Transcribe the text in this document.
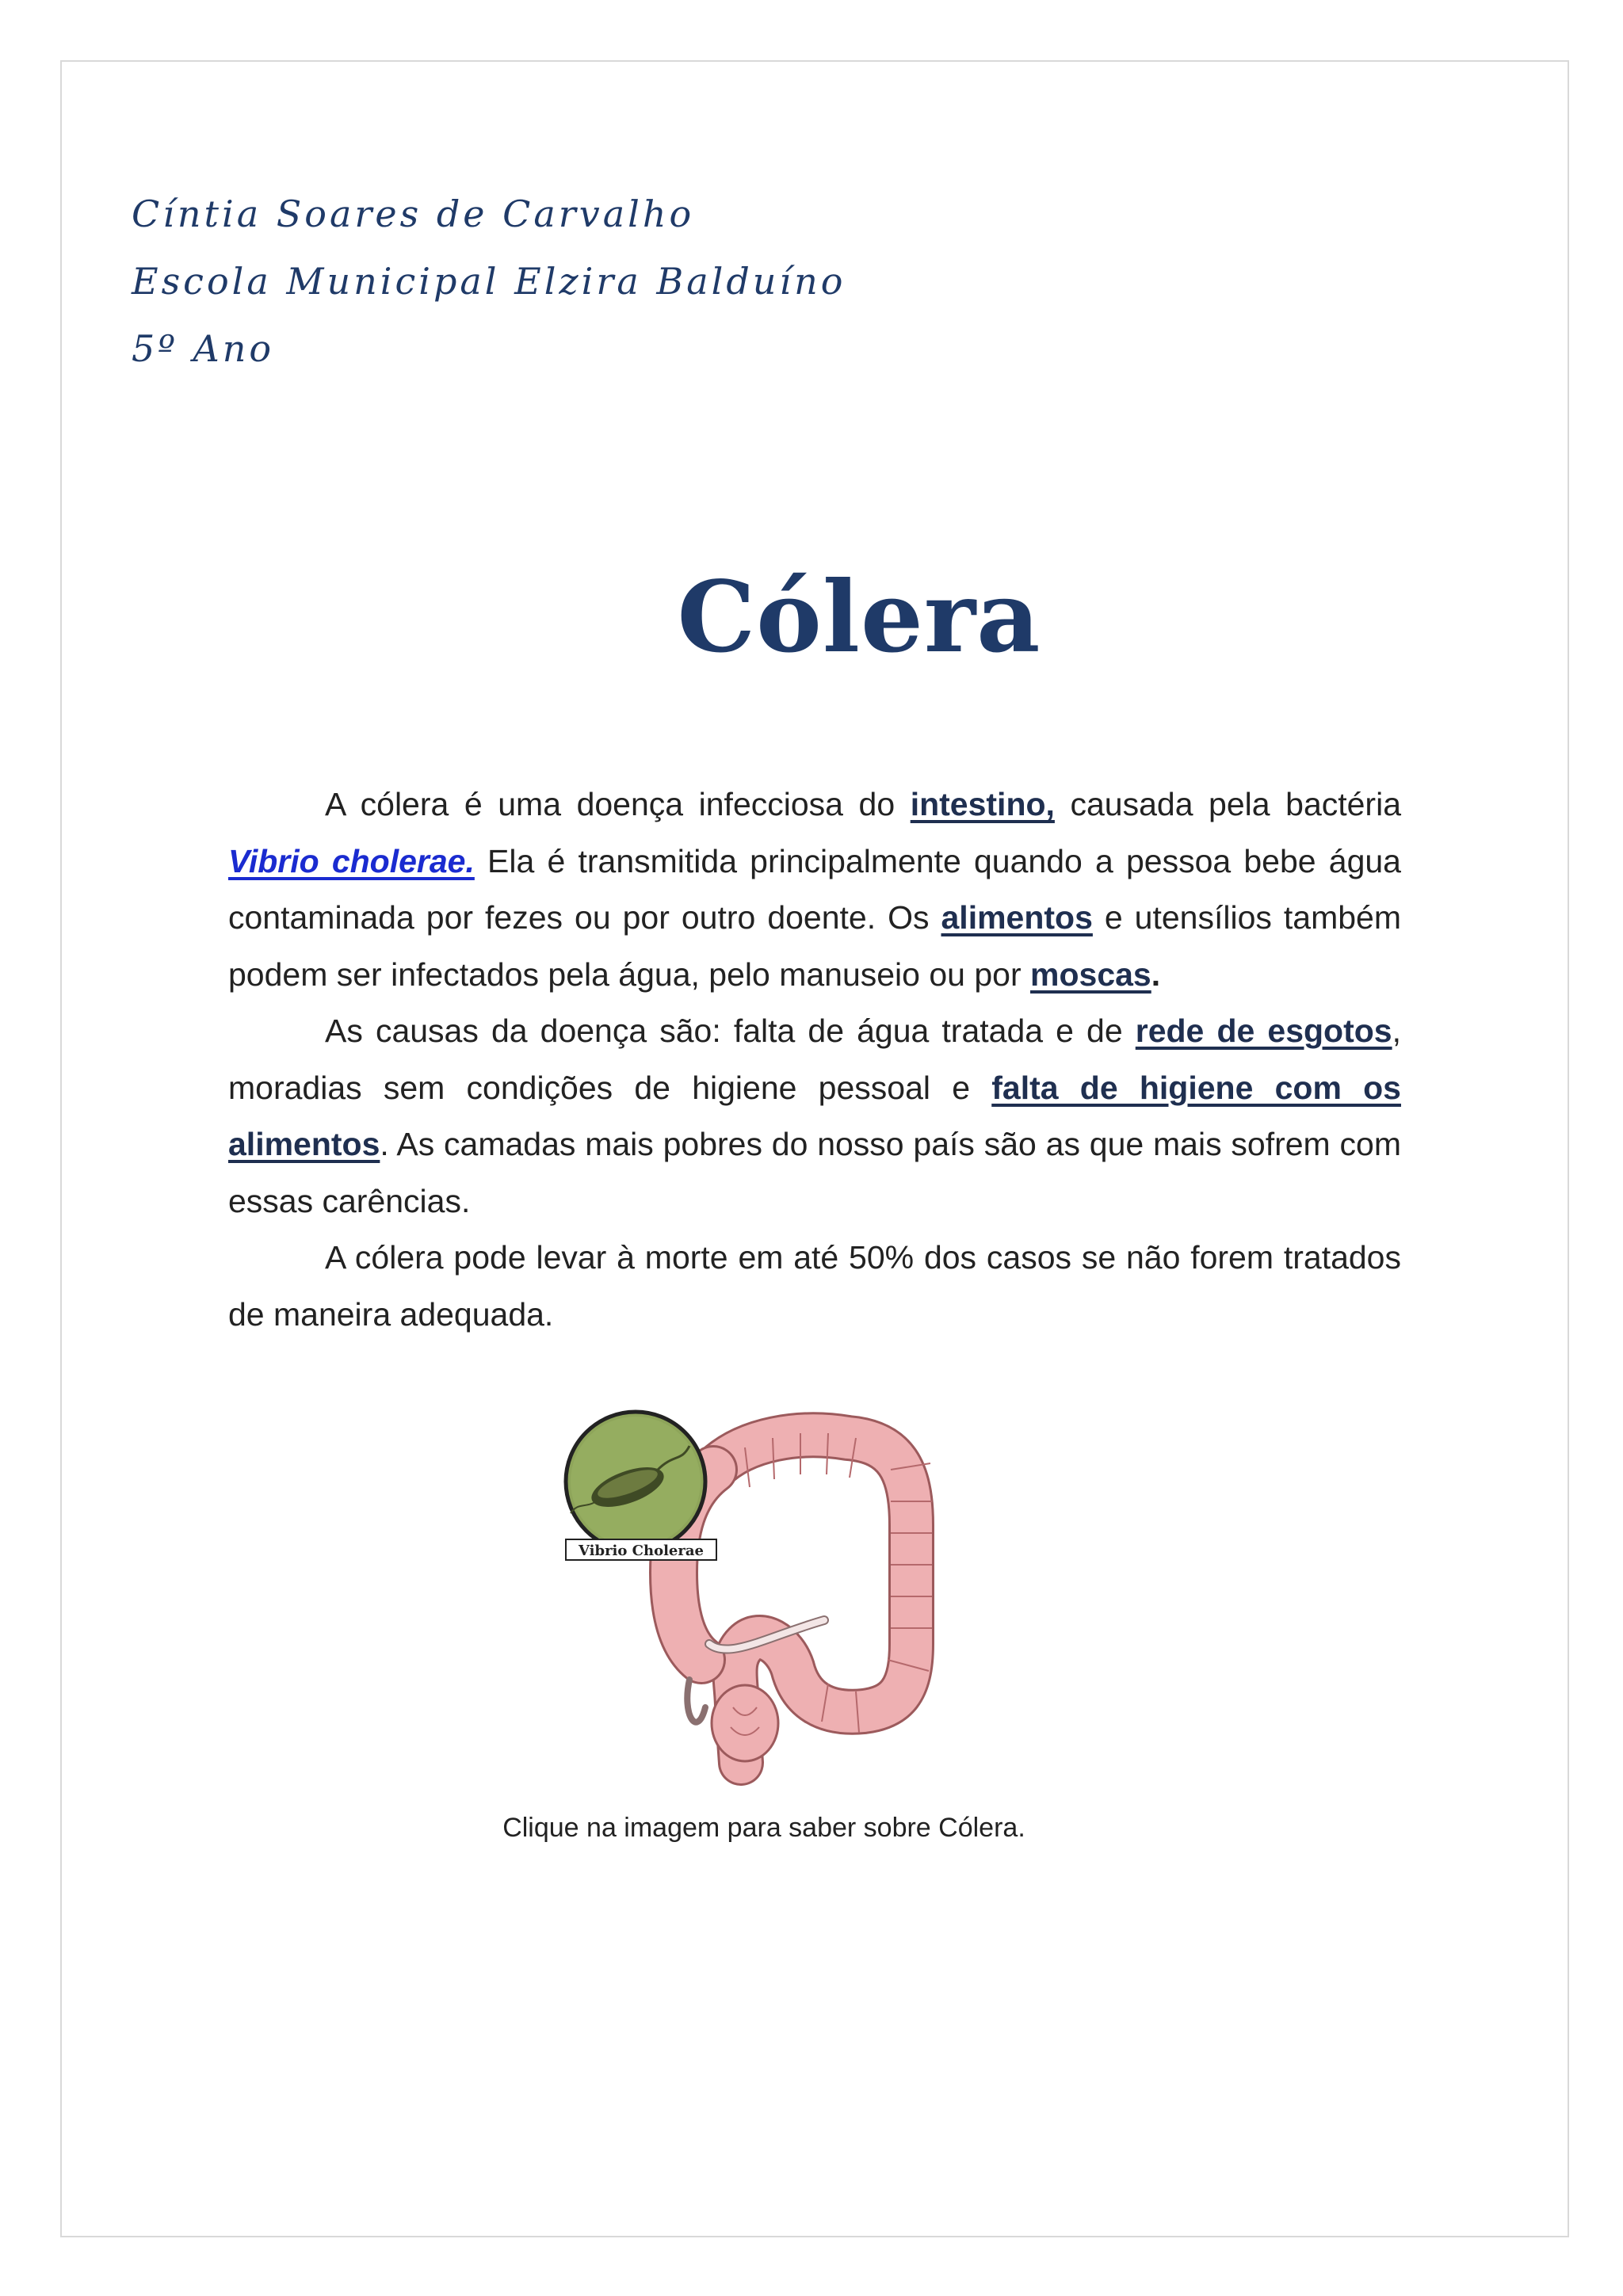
Cíntia Soares de Carvalho
Escola Municipal Elzira Balduíno
5º Ano
Cólera

A cólera é uma doença infecciosa do intestino, causada pela bactéria Vibrio cholerae. Ela é transmitida principalmente quando a pessoa bebe água contaminada por fezes ou por outro doente. Os alimentos e utensílios também podem ser infectados pela água, pelo manuseio ou por moscas.

As causas da doença são: falta de água tratada e de rede de esgotos, moradias sem condições de higiene pessoal e falta de higiene com os alimentos. As camadas mais pobres do nosso país são as que mais sofrem com essas carências.

A cólera pode levar à morte em até 50% dos casos se não forem tratados de maneira adequada.

Vibrio Cholerae
Clique na imagem para saber sobre Cólera.
